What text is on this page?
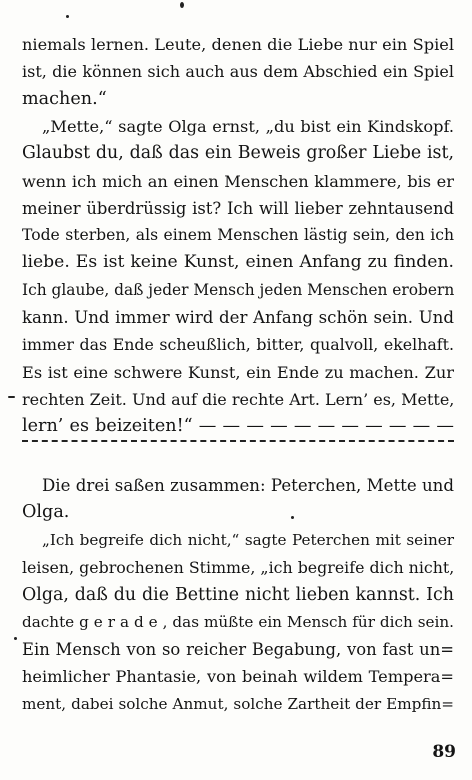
niemals lernen. Leute, denen die Liebe nur ein Spiel
ist, die können sich auch aus dem Abschied ein Spiel
machen.“
„Mette,“ sagte Olga ernst, „du bist ein Kindskopf.
Glaubst du, daß das ein Beweis großer Liebe ist,
wenn ich mich an einen Menschen klammere, bis er
meiner überdrüssig ist? Ich will lieber zehntausend
Tode sterben, als einem Menschen lästig sein, den ich
liebe. Es ist keine Kunst, einen Anfang zu finden.
Ich glaube, daß jeder Mensch jeden Menschen erobern
kann. Und immer wird der Anfang schön sein. Und
immer das Ende scheußlich, bitter, qualvoll, ekelhaft.
Es ist eine schwere Kunst, ein Ende zu machen. Zur
rechten Zeit. Und auf die rechte Art. Lern’ es, Mette,
lern’ es beizeiten!“ — — — — — — — — — — —
Die drei saßen zusammen: Peterchen, Mette und
Olga.
„Ich begreife dich nicht,“ sagte Peterchen mit seiner
leisen, gebrochenen Stimme, „ich begreife dich nicht,
Olga, daß du die Bettine nicht lieben kannst. Ich
dachte g e r a d e , das müßte ein Mensch für dich sein.
Ein Mensch von so reicher Begabung, von fast un=
heimlicher Phantasie, von beinah wildem Tempera=
ment, dabei solche Anmut, solche Zartheit der Empfin=
89
